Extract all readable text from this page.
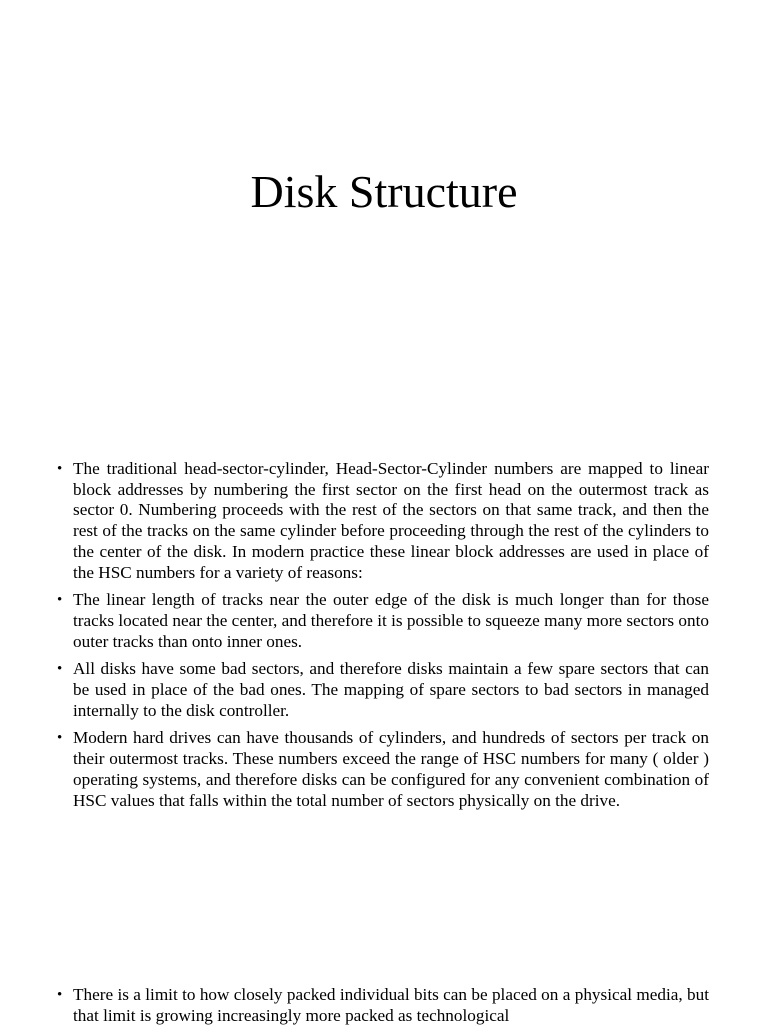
Disk Structure
• The traditional head-sector-cylinder, Head-Sector-Cylinder numbers are mapped to linear block addresses by numbering the first sector on the first head on the outermost track as sector 0. Numbering proceeds with the rest of the sectors on that same track, and then the rest of the tracks on the same cylinder before proceeding through the rest of the cylinders to the center of the disk. In modern practice these linear block addresses are used in place of the HSC numbers for a variety of reasons:
• The linear length of tracks near the outer edge of the disk is much longer than for those tracks located near the center, and therefore it is possible to squeeze many more sectors onto outer tracks than onto inner ones.
• All disks have some bad sectors, and therefore disks maintain a few spare sectors that can be used in place of the bad ones. The mapping of spare sectors to bad sectors in managed internally to the disk controller.
• Modern hard drives can have thousands of cylinders, and hundreds of sectors per track on their outermost tracks. These numbers exceed the range of HSC numbers for many ( older ) operating systems, and therefore disks can be configured for any convenient combination of HSC values that falls within the total number of sectors physically on the drive.
• There is a limit to how closely packed individual bits can be placed on a physical media, but that limit is growing increasingly more packed as technological
